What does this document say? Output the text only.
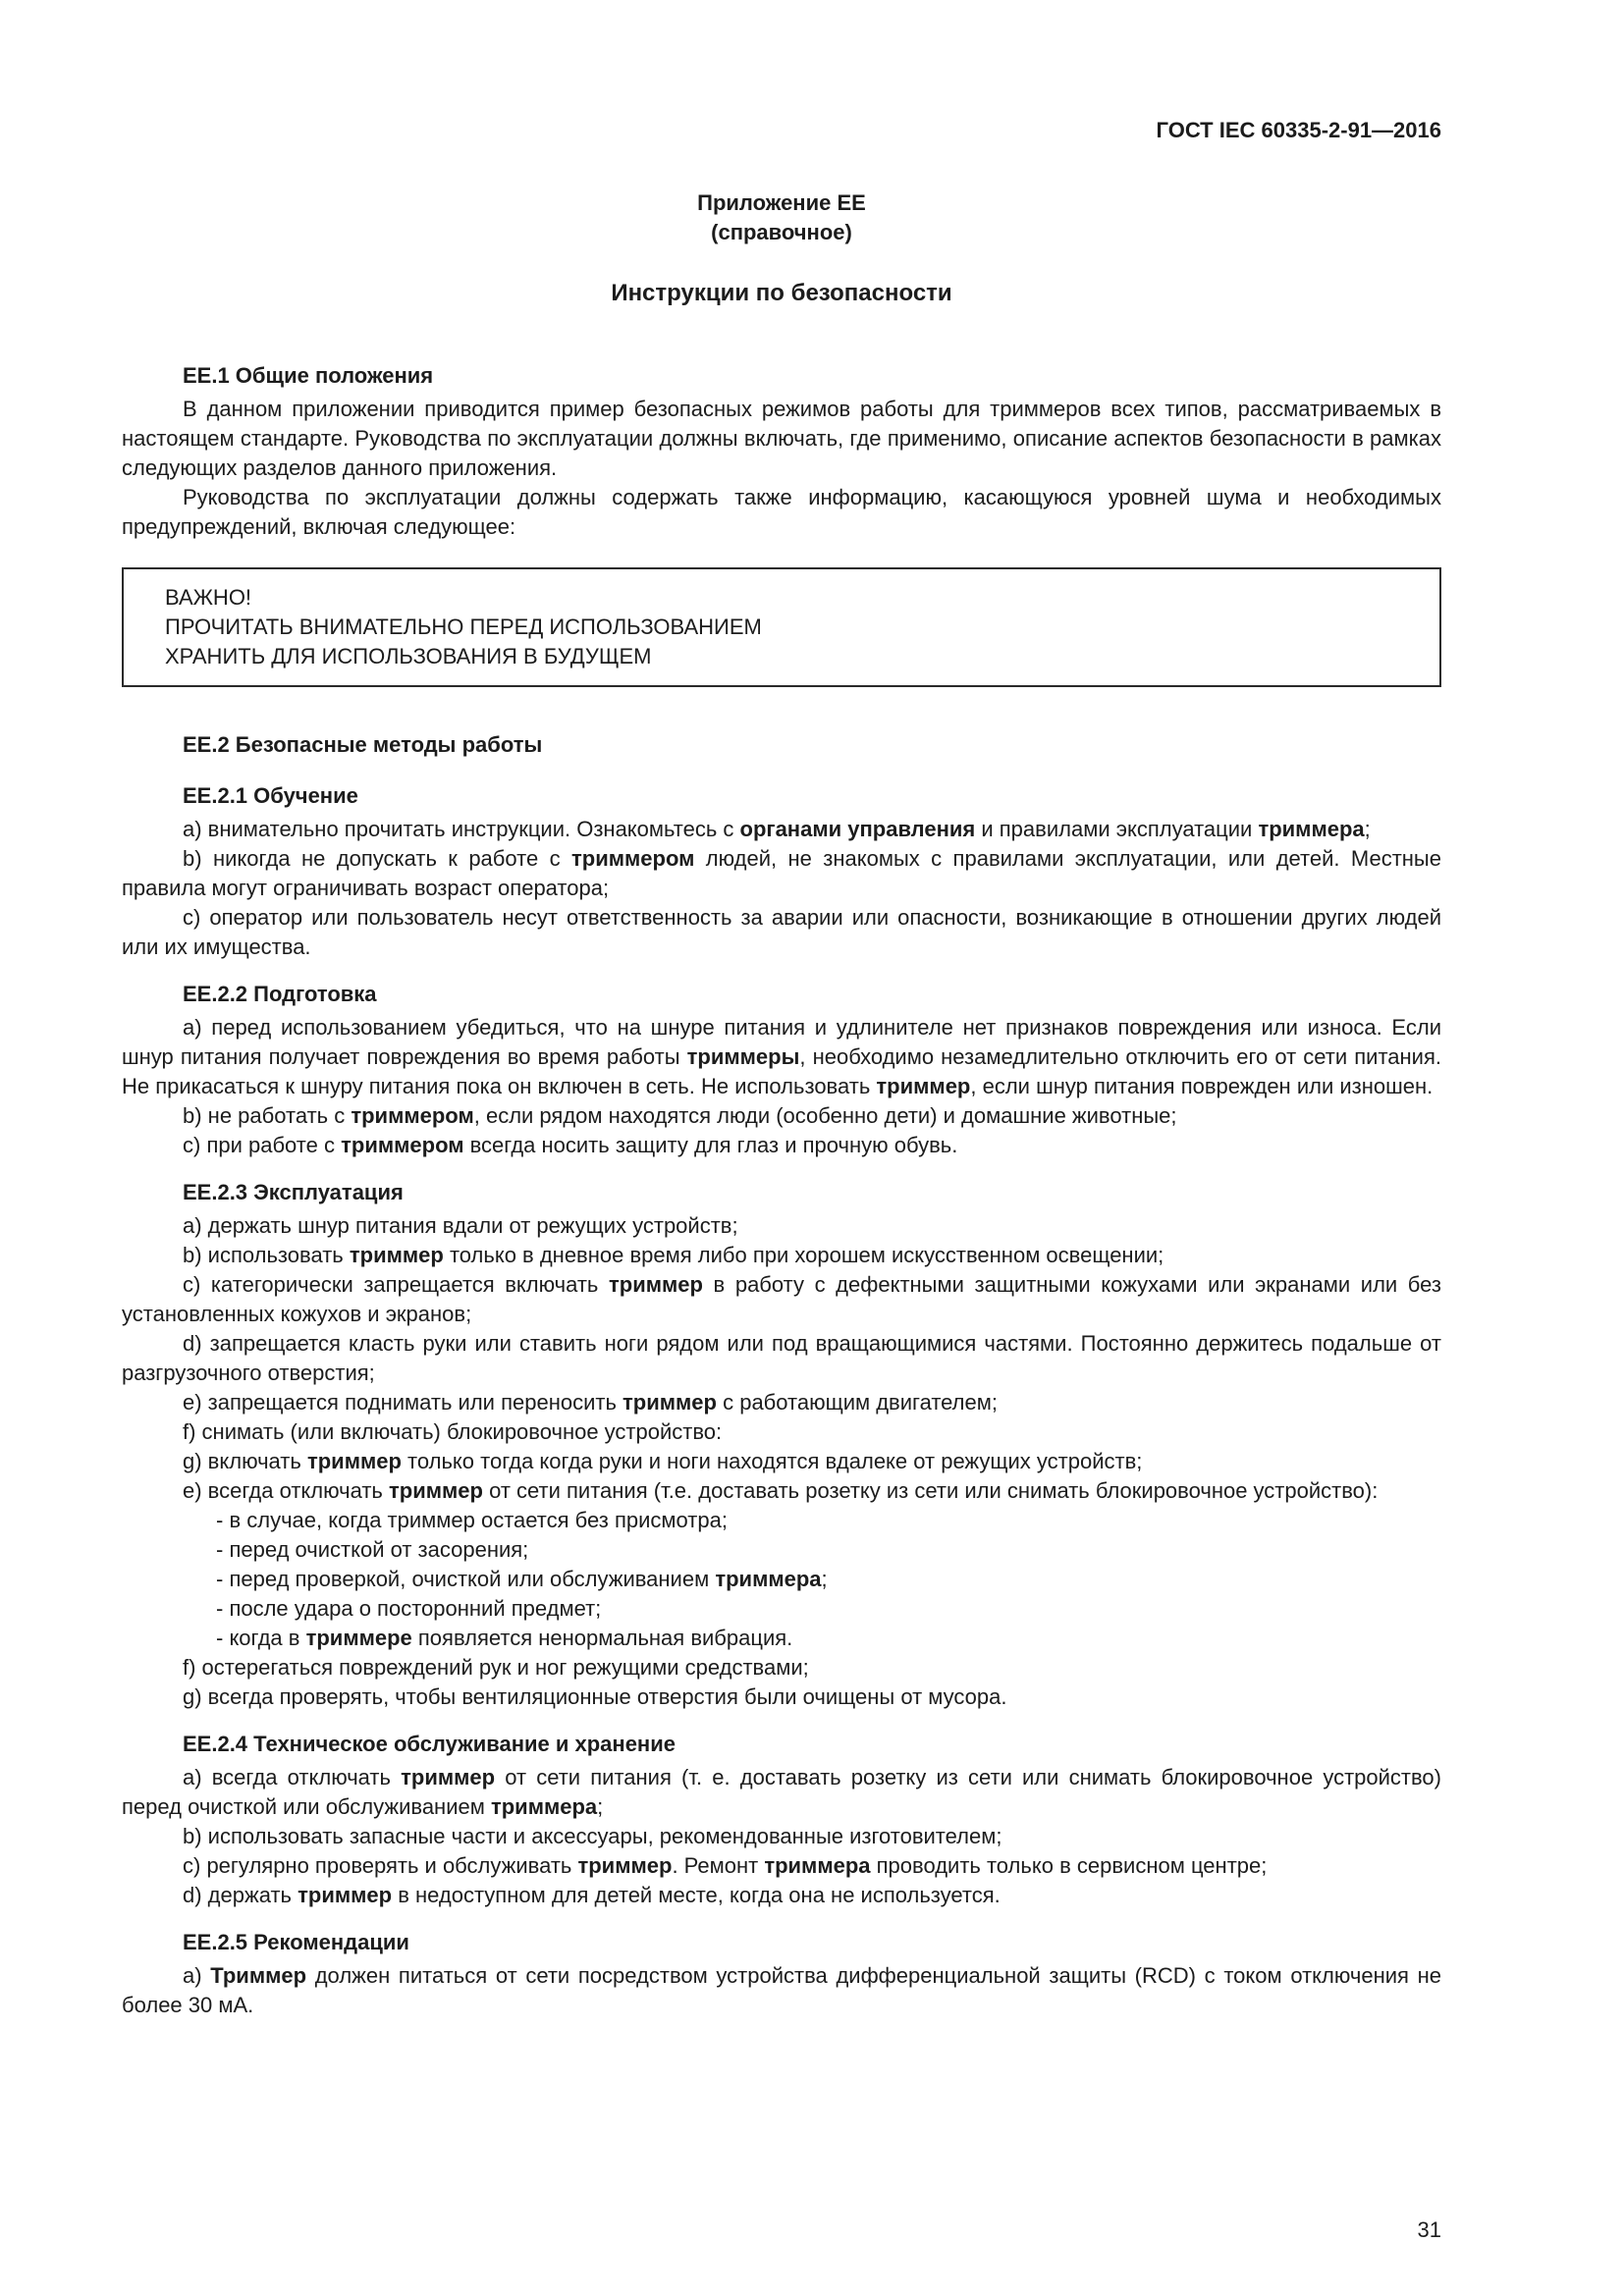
ГОСТ IEC 60335-2-91—2016
Приложение ЕЕ
(справочное)
Инструкции по безопасности

ЕЕ.1 Общие положения

В данном приложении приводится пример безопасных режимов работы для триммеров всех типов, рассматриваемых в настоящем стандарте. Руководства по эксплуатации должны включать, где применимо, описание аспектов безопасности в рамках следующих разделов данного приложения.

Руководства по эксплуатации должны содержать также информацию, касающуюся уровней шума и необходимых предупреждений, включая следующее:

ВАЖНО!
ПРОЧИТАТЬ ВНИМАТЕЛЬНО ПЕРЕД ИСПОЛЬЗОВАНИЕМ
ХРАНИТЬ ДЛЯ ИСПОЛЬЗОВАНИЯ В БУДУЩЕМ

ЕЕ.2 Безопасные методы работы

ЕЕ.2.1 Обучение

a) внимательно прочитать инструкции. Ознакомьтесь с органами управления и правилами эксплуатации триммера;

b) никогда не допускать к работе с триммером людей, не знакомых с правилами эксплуатации, или детей. Местные правила могут ограничивать возраст оператора;

c) оператор или пользователь несут ответственность за аварии или опасности, возникающие в отношении других людей или их имущества.

ЕЕ.2.2 Подготовка

a) перед использованием убедиться, что на шнуре питания и удлинителе нет признаков повреждения или износа. Если шнур питания получает повреждения во время работы триммеры, необходимо незамедлительно отключить его от сети питания. Не прикасаться к шнуру питания пока он включен в сеть. Не использовать триммер, если шнур питания поврежден или изношен.

b) не работать с триммером, если рядом находятся люди (особенно дети) и домашние животные;

c) при работе с триммером всегда носить защиту для глаз и прочную обувь.

ЕЕ.2.3 Эксплуатация

a) держать шнур питания вдали от режущих устройств;

b) использовать триммер только в дневное время либо при хорошем искусственном освещении;

c) категорически запрещается включать триммер в работу с дефектными защитными кожухами или экранами или без установленных кожухов и экранов;

d) запрещается класть руки или ставить ноги рядом или под вращающимися частями. Постоянно держитесь подальше от разгрузочного отверстия;

e) запрещается поднимать или переносить триммер с работающим двигателем;

f) снимать (или включать) блокировочное устройство:

g) включать триммер только тогда когда руки и ноги находятся вдалеке от режущих устройств;

e) всегда отключать триммер от сети питания (т.е. доставать розетку из сети или снимать блокировочное устройство):

- в случае, когда триммер остается без присмотра;

- перед очисткой от засорения;

- перед проверкой, очисткой или обслуживанием триммера;

- после удара о посторонний предмет;

- когда в триммере появляется ненормальная вибрация.

f) остерегаться повреждений рук и ног режущими средствами;

g) всегда проверять, чтобы вентиляционные отверстия были очищены от мусора.

ЕЕ.2.4 Техническое обслуживание и хранение

a) всегда отключать триммер от сети питания (т. е. доставать розетку из сети или снимать блокировочное устройство) перед очисткой или обслуживанием триммера;

b) использовать запасные части и аксессуары, рекомендованные изготовителем;

c) регулярно проверять и обслуживать триммер. Ремонт триммера проводить только в сервисном центре;

d) держать триммер в недоступном для детей месте, когда она не используется.

ЕЕ.2.5 Рекомендации

a) Триммер должен питаться от сети посредством устройства дифференциальной защиты (RCD) с током отключения не более 30 мА.

31
